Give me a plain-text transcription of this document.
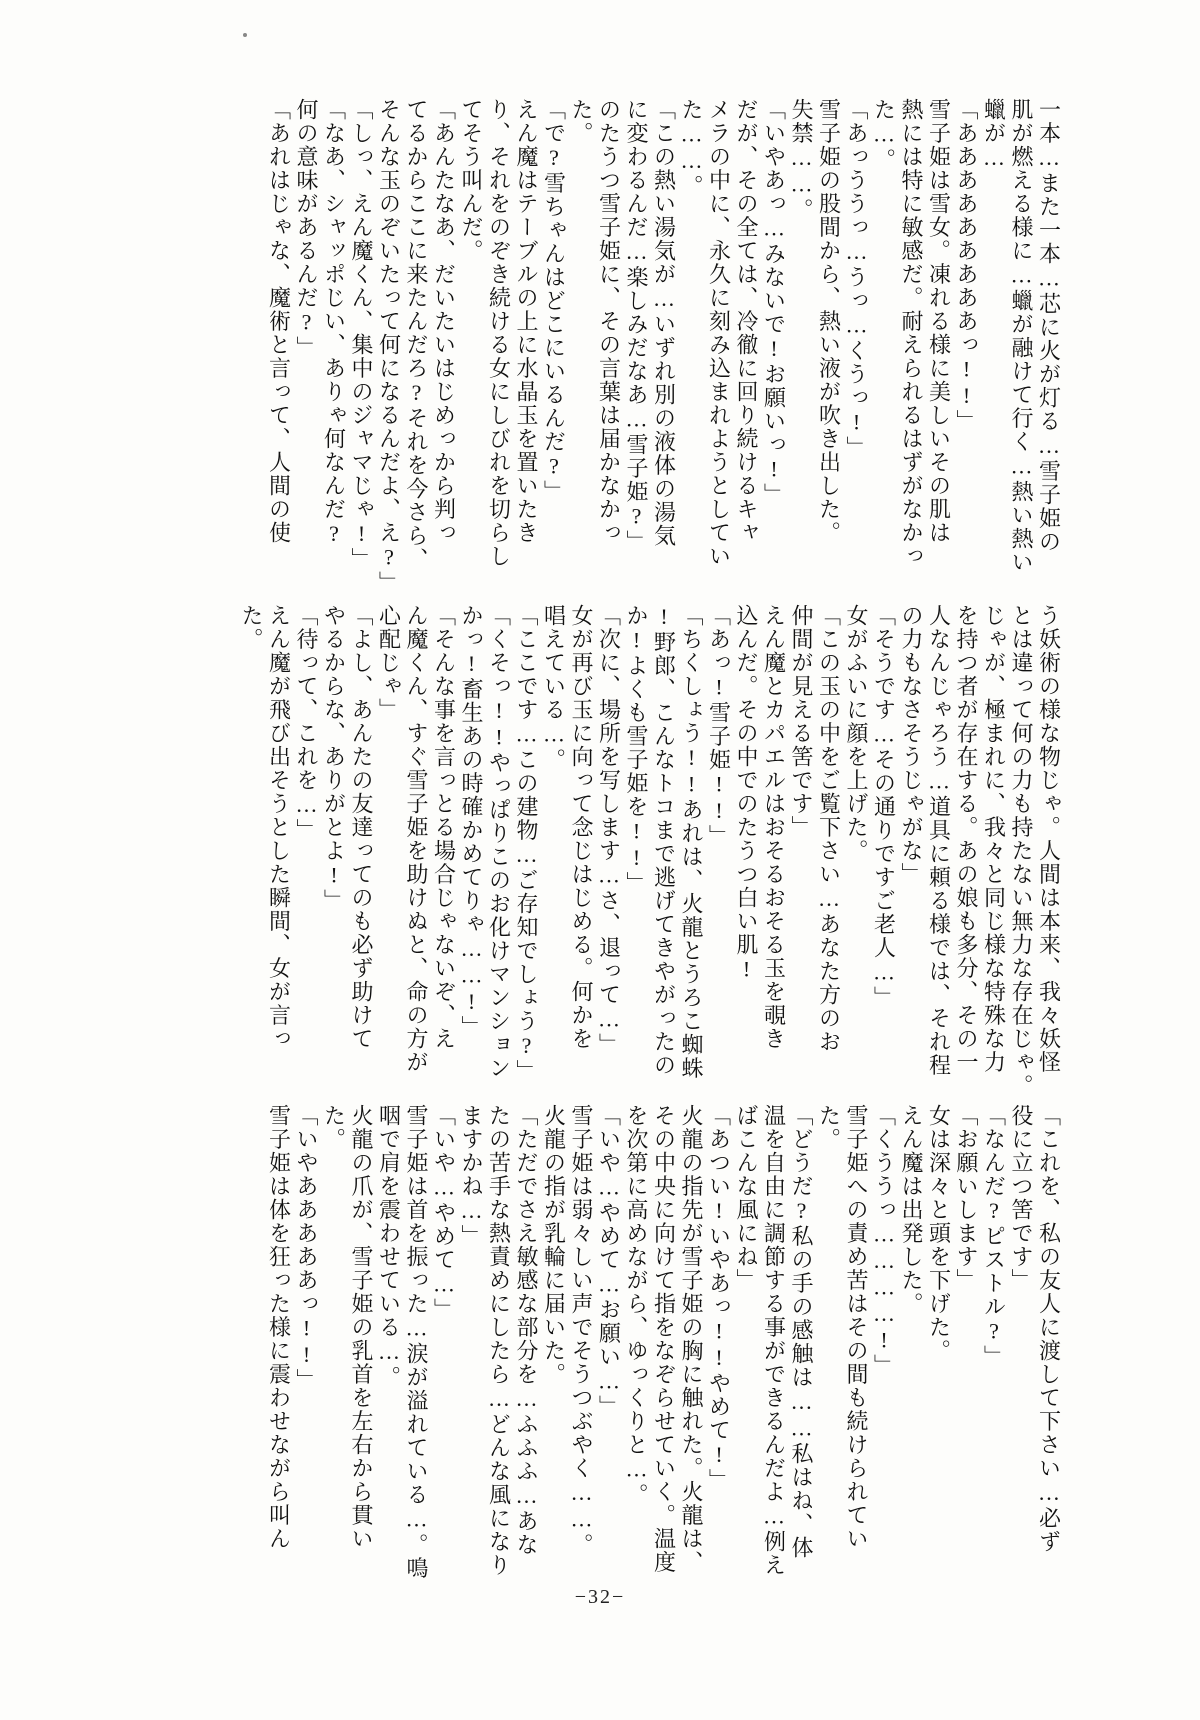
一本…また一本…芯に火が灯る…雪子姫の

肌が燃える様に…蠟が融けて行く…熱い熱い

蠟が…

「あああああああああっ!!」

雪子姫は雪女。凍れる様に美しいその肌は

熱には特に敏感だ。耐えられるはずがなかっ

た…。

「あっううっ…うっ…くうっ!」

雪子姫の股間から、熱い液が吹き出した。

失禁……。

「いやあっ…みないで!お願いっ!」

だが、その全ては、冷徹に回り続けるキャ

メラの中に、永久に刻み込まれようとしてい

た……。

「この熱い湯気が…いずれ別の液体の湯気

に変わるんだ…楽しみだなあ…雪子姫?」

のたうつ雪子姫に、その言葉は届かなかっ

た。

「で?雪ちゃんはどこにいるんだ?」

えん魔はテーブルの上に水晶玉を置いたき

り、それをのぞき続ける女にしびれを切らし

てそう叫んだ。

「あんたなあ、だいたいはじめっから判っ

てるからここに来たんだろ?それを今さら、

そんな玉のぞいたって何になるんだよ、え?」

「しっ、えん魔くん、集中のジャマじゃ!」

「なあ、シャッポじい、ありゃ何なんだ?

何の意味があるんだ?」

「あれはじゃな、魔術と言って、人間の使

う妖術の様な物じゃ。人間は本来、我々妖怪

とは違って何の力も持たない無力な存在じゃ。

じゃが、極まれに、我々と同じ様な特殊な力

を持つ者が存在する。あの娘も多分、その一

人なんじゃろう…道具に頼る様では、それ程

の力もなさそうじゃがな」

「そうです…その通りですご老人…」

女がふいに顔を上げた。

「この玉の中をご覧下さい…あなた方のお

仲間が見える筈です」

えん魔とカパエルはおそるおそる玉を覗き

込んだ。その中でのたうつ白い肌!

「あっ!雪子姫!!」

「ちくしょう!!あれは、火龍とうろこ蜘蛛

!野郎、こんなトコまで逃げてきやがったの

か!よくも雪子姫を!!」

「次に、場所を写します…さ、退って…」

女が再び玉に向って念じはじめる。何かを

唱えている…。

「ここです…この建物…ご存知でしょう?」

「くそっ!!やっぱりこのお化けマンション

かっ!畜生あの時確かめてりゃ……!」

「そんな事を言っとる場合じゃないぞ、え

ん魔くん、すぐ雪子姫を助けぬと、命の方が

心配じゃ」

「よし、あんたの友達ってのも必ず助けて

やるからな、ありがとよ!」

「待って、これを…」

えん魔が飛び出そうとした瞬間、女が言っ

た。

「これを、私の友人に渡して下さい…必ず

役に立つ筈です」

「なんだ?ピストル?」

「お願いします」

女は深々と頭を下げた。

えん魔は出発した。

「くううっ…………!」

雪子姫への責め苦はその間も続けられてい

た。

「どうだ?私の手の感触は……私はね、体

温を自由に調節する事ができるんだよ…例え

ばこんな風にね」

「あつい!いやあっ!!やめて!」

火龍の指先が雪子姫の胸に触れた。火龍は、

その中央に向けて指をなぞらせていく。温度

を次第に高めながら、ゆっくりと…。

「いや…やめて…お願い…」

雪子姫は弱々しい声でそうつぶやく……。

火龍の指が乳輪に届いた。

「ただでさえ敏感な部分を…ふふふ…あな

たの苦手な熱責めにしたら…どんな風になり

ますかね…」

「いや…やめて…」

雪子姫は首を振った…涙が溢れている…。鳴

咽で肩を震わせている…。

火龍の爪が、雪子姫の乳首を左右から貫い

た。

「いやあああああっ!!」

雪子姫は体を狂った様に震わせながら叫ん

−32−
